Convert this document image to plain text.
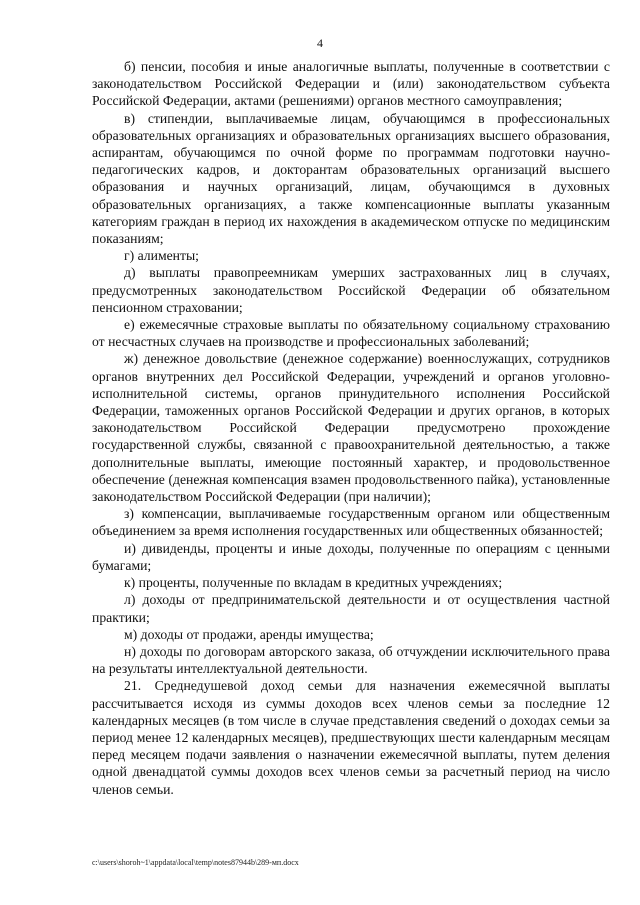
4

б) пенсии, пособия и иные аналогичные выплаты, полученные в соответствии с законодательством Российской Федерации и (или) законодательством субъекта Российской Федерации, актами (решениями) органов местного самоуправления;

в) стипендии, выплачиваемые лицам, обучающимся в профессиональных образовательных организациях и образовательных организациях высшего образования, аспирантам, обучающимся по очной форме по программам подготовки научно-педагогических кадров, и докторантам образовательных организаций высшего образования и научных организаций, лицам, обучающимся в духовных образовательных организациях, а также компенсационные выплаты указанным категориям граждан в период их нахождения в академическом отпуске по медицинским показаниям;

г) алименты;

д) выплаты правопреемникам умерших застрахованных лиц в случаях, предусмотренных законодательством Российской Федерации об обязательном пенсионном страховании;

е) ежемесячные страховые выплаты по обязательному социальному страхованию от несчастных случаев на производстве и профессиональных заболеваний;

ж) денежное довольствие (денежное содержание) военнослужащих, сотрудников органов внутренних дел Российской Федерации, учреждений и органов уголовно-исполнительной системы, органов принудительного исполнения Российской Федерации, таможенных органов Российской Федерации и других органов, в которых законодательством Российской Федерации предусмотрено прохождение государственной службы, связанной с правоохранительной деятельностью, а также дополнительные выплаты, имеющие постоянный характер, и продовольственное обеспечение (денежная компенсация взамен продовольственного пайка), установленные законодательством Российской Федерации (при наличии);

з) компенсации, выплачиваемые государственным органом или общественным объединением за время исполнения государственных или общественных обязанностей;

и) дивиденды, проценты и иные доходы, полученные по операциям с ценными бумагами;

к) проценты, полученные по вкладам в кредитных учреждениях;

л) доходы от предпринимательской деятельности и от осуществления частной практики;

м) доходы от продажи, аренды имущества;

н) доходы по договорам авторского заказа, об отчуждении исключительного права на результаты интеллектуальной деятельности.

21. Среднедушевой доход семьи для назначения ежемесячной выплаты рассчитывается исходя из суммы доходов всех членов семьи за последние 12 календарных месяцев (в том числе в случае представления сведений о доходах семьи за период менее 12 календарных месяцев), предшествующих шести календарным месяцам перед месяцем подачи заявления о назначении ежемесячной выплаты, путем деления одной двенадцатой суммы доходов всех членов семьи за расчетный период на число членов семьи.

c:\users\shoroh~1\appdata\local\temp\notes87944b\289-мп.docx
